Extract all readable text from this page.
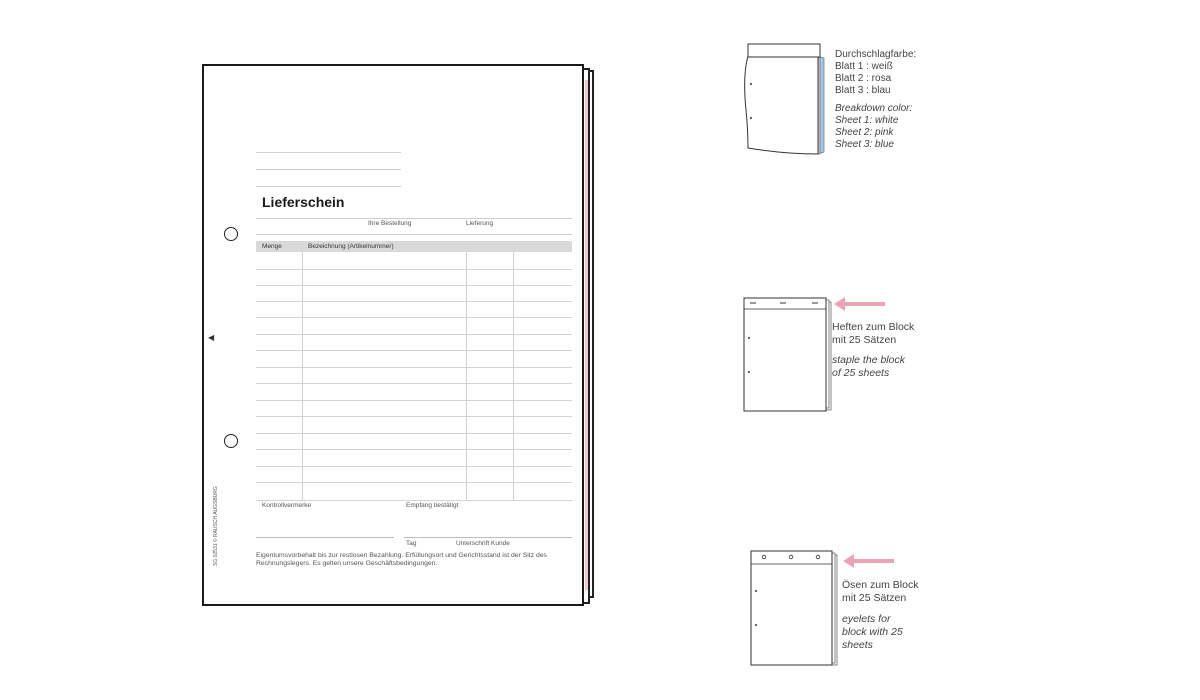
Lieferschein
Ihre Bestellung	Lieferung
◀
Menge	Bezeichnung (Artikelnummer)
Kontrollvermerke	Empfang bestätigt
Tag	Unterschrift Kunde
Eigentumsvorbehalt bis zur restlosen Bezahlung. Erfüllungsort und Gerichtsstand ist der Sitz des
Rechnungslegers. Es gelten unsere Geschäftsbedingungen.
SG 02531 © RAUSCH AUGSBURG
Durchschlagfarbe:
Blatt 1 : weiß
Blatt 2 : rosa
Blatt 3 : blau
Breakdown color:
Sheet 1: white
Sheet 2: pink
Sheet 3: blue
Heften zum Block
mit 25 Sätzen
staple the block
of 25 sheets
Ösen zum Block
mit 25 Sätzen
eyelets for
block with 25
sheets
